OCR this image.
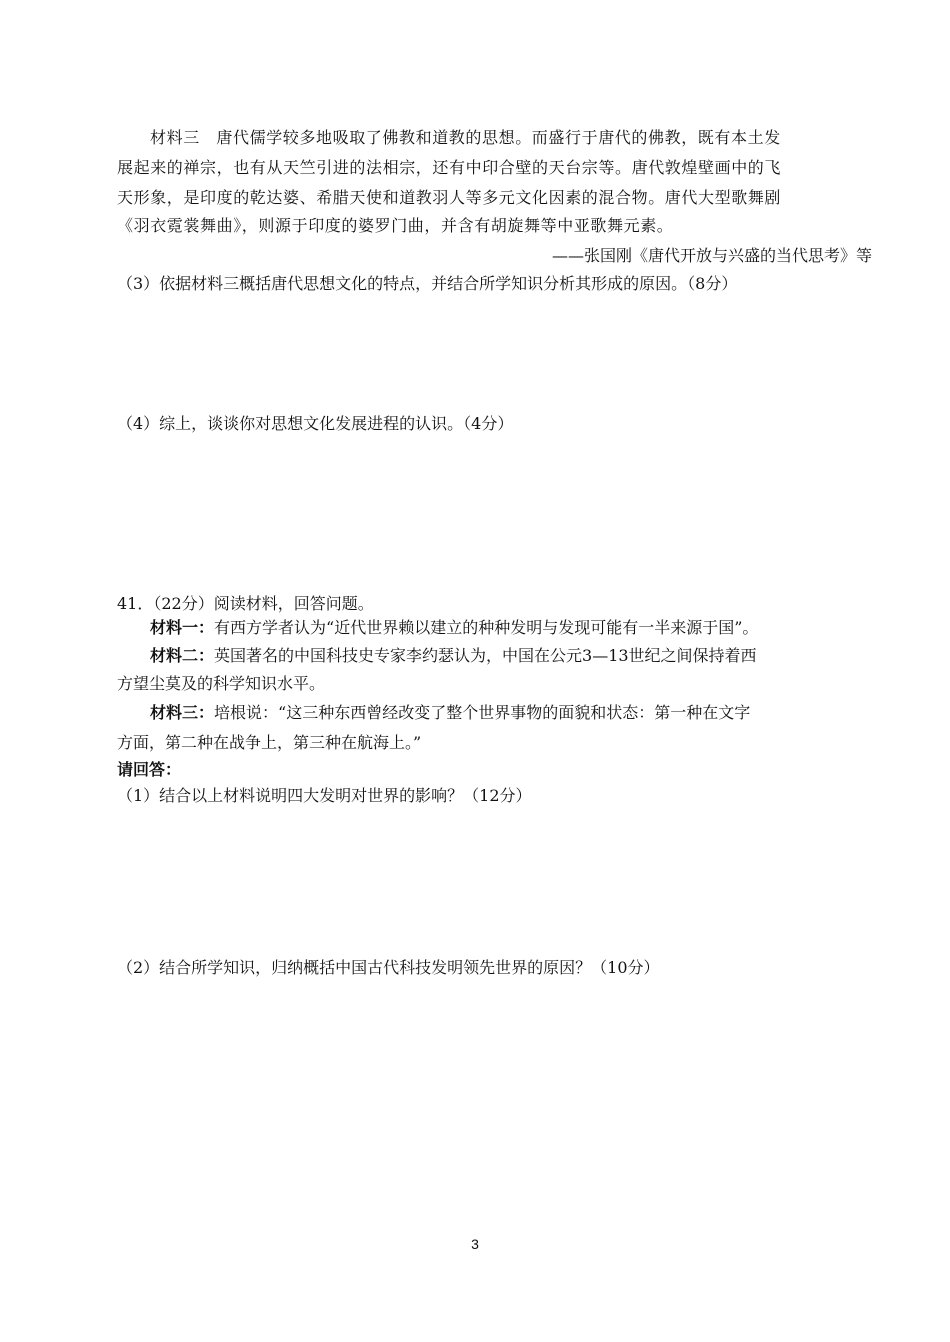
材料三　唐代儒学较多地吸取了佛教和道教的思想。而盛行于唐代的佛教，既有本土发
展起来的禅宗，也有从天竺引进的法相宗，还有中印合壁的天台宗等。唐代敦煌壁画中的飞
天形象，是印度的乾达婆、希腊天使和道教羽人等多元文化因素的混合物。唐代大型歌舞剧
《羽衣霓裳舞曲》，则源于印度的婆罗门曲，并含有胡旋舞等中亚歌舞元素。
——张国刚《唐代开放与兴盛的当代思考》等
（3）依据材料三概括唐代思想文化的特点，并结合所学知识分析其形成的原因。（8分）
（4）综上，谈谈你对思想文化发展进程的认识。（4分）
41．（22分）阅读材料，回答问题。
材料一：有西方学者认为“近代世界赖以建立的种种发明与发现可能有一半来源于国”。
材料二：英国著名的中国科技史专家李约瑟认为，中国在公元3—13世纪之间保持着西
方望尘莫及的科学知识水平。
材料三：培根说：“这三种东西曾经改变了整个世界事物的面貌和状态：第一种在文字
方面，第二种在战争上，第三种在航海上。”
请回答：
（1）结合以上材料说明四大发明对世界的影响？（12分）
（2）结合所学知识，归纳概括中国古代科技发明领先世界的原因？（10分）
3
